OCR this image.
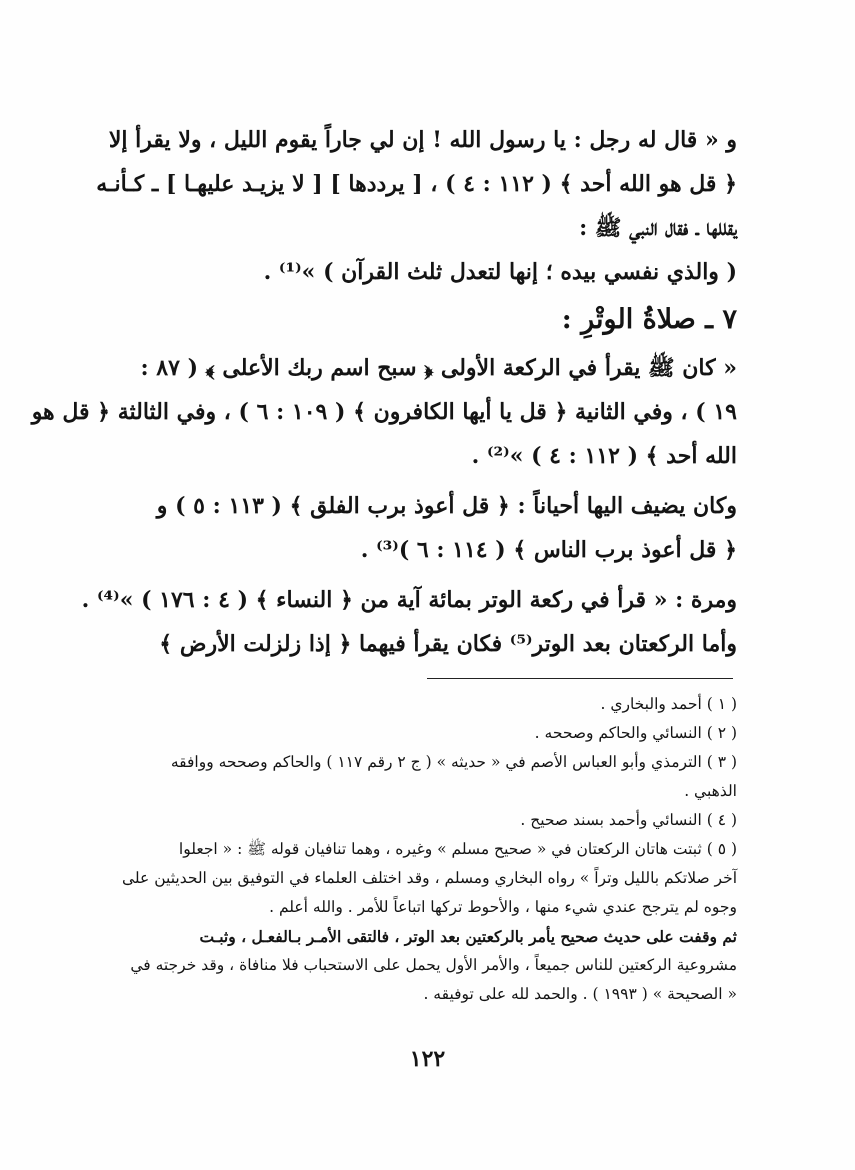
و « قال له رجل : يا رسول الله ! إن لي جاراً يقوم الليل ، ولا يقرأ إلا
﴿ قل هو الله أحد ﴾ ( ١١٢ : ٤ ) ، [ يرددها ] [ لا يزيـد عليهـا ] ـ كـأنـه
يقللها ـ فقال النبي ﷺ :
( والذي نفسي بيده ؛ إنها لتعدل ثلث القرآن ) »⁽¹⁾ .
٧ ـ صلاةُ الوتْرِ :
« كان ﷺ يقرأ في الركعة الأولى ﴿ سبح اسم ربك الأعلى ﴾ ( ٨٧ :
١٩ ) ، وفي الثانية ﴿ قل يا أيها الكافرون ﴾ ( ١٠٩ : ٦ ) ، وفي الثالثة ﴿ قل هو
الله أحد ﴾ ( ١١٢ : ٤ ) »⁽²⁾ .
وكان يضيف اليها أحياناً : ﴿ قل أعوذ برب الفلق ﴾ ( ١١٣ : ٥ ) و
﴿ قل أعوذ برب الناس ﴾ ( ١١٤ : ٦ )⁽³⁾ .
ومرة : « قرأ في ركعة الوتر بمائة آية من ﴿ النساء ﴾ ( ٤ : ١٧٦ ) »⁽⁴⁾ .
وأما الركعتان بعد الوتر⁽⁵⁾ فكان يقرأ فيهما ﴿ إذا زلزلت الأرض ﴾
( ١ ) أحمد والبخاري .
( ٢ ) النسائي والحاكم وصححه .
( ٣ ) الترمذي وأبو العباس الأصم في « حديثه » ( ج ٢ رقم ١١٧ ) والحاكم وصححه ووافقه
الذهبي .
( ٤ ) النسائي وأحمد بسند صحيح .
( ٥ ) ثبتت هاتان الركعتان في « صحيح مسلم » وغيره ، وهما تنافيان قوله ﷺ : « اجعلوا
آخر صلاتكم بالليل وتراً » رواه البخاري ومسلم ، وقد اختلف العلماء في التوفيق بين الحديثين على
وجوه لم يترجح عندي شيء منها ، والأحوط تركها اتباعاً للأمر . والله أعلم .
ثم وقفت على حديث صحيح يأمر بالركعتين بعد الوتر ، فالتقى الأمـر بـالفعـل ، وثبـت
مشروعية الركعتين للناس جميعاً ، والأمر الأول يحمل على الاستحباب فلا منافاة ، وقد خرجته في
« الصحيحة » ( ١٩٩٣ ) . والحمد لله على توفيقه .
١٢٢
